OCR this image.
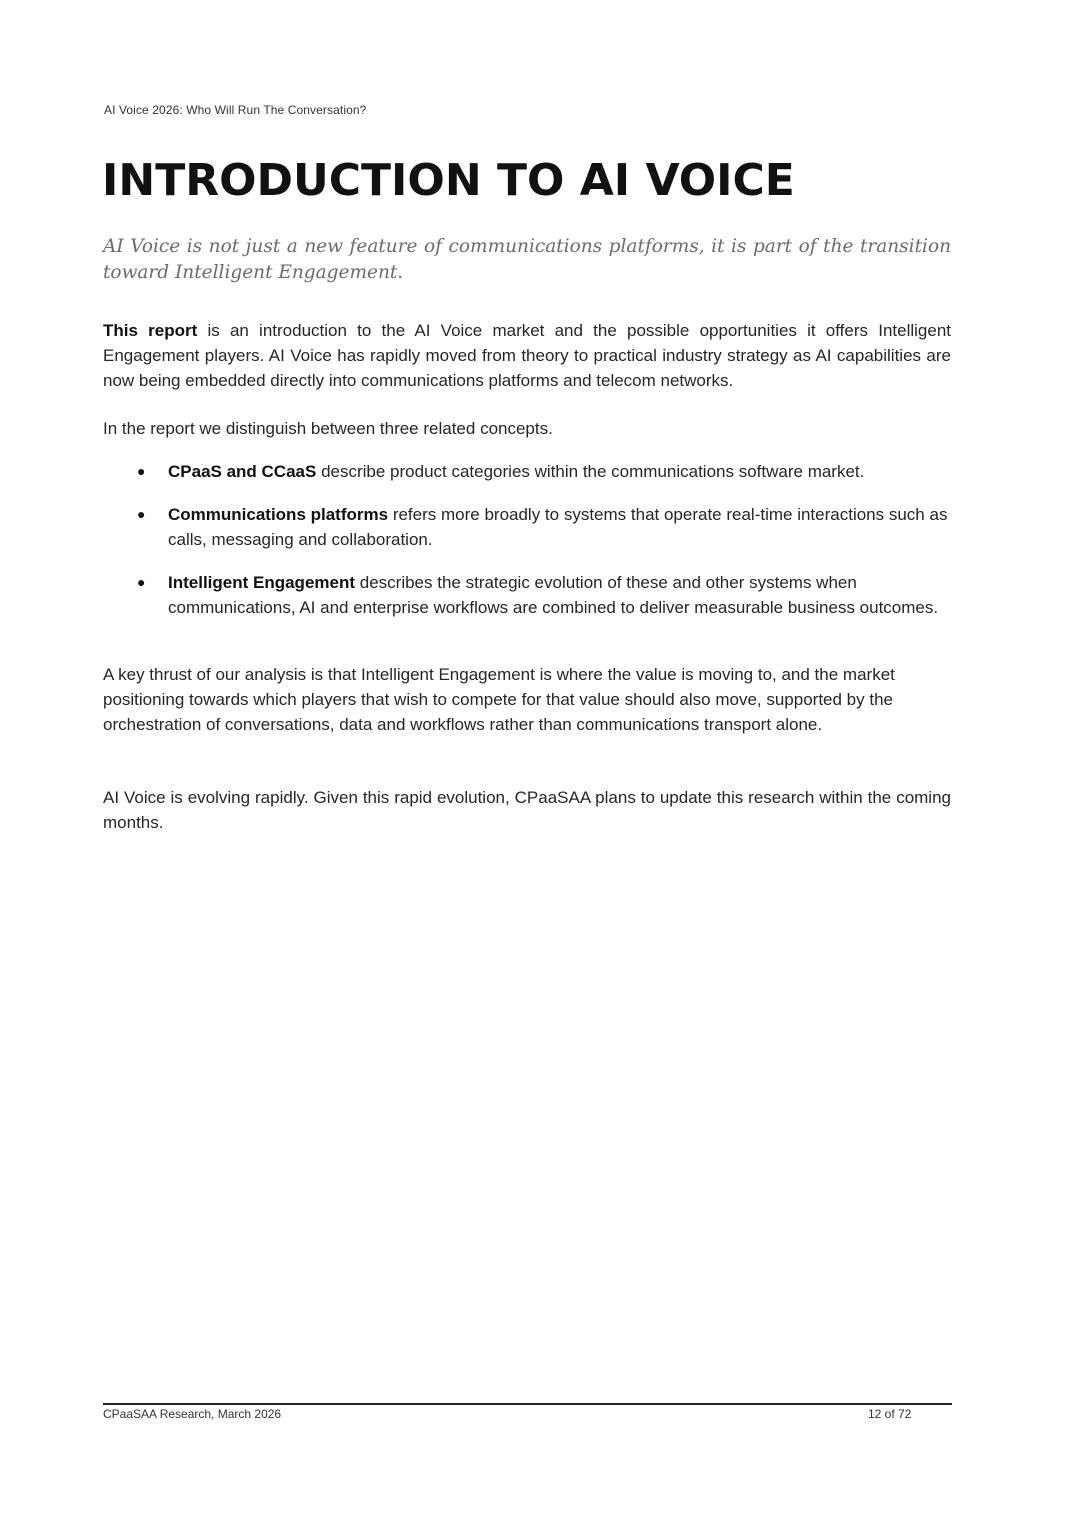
AI Voice 2026: Who Will Run The Conversation?
INTRODUCTION TO AI VOICE

AI Voice is not just a new feature of communications platforms, it is part of the transition toward Intelligent Engagement.

This report is an introduction to the AI Voice market and the possible opportunities it offers Intelligent Engagement players. AI Voice has rapidly moved from theory to practical industry strategy as AI capabilities are now being embedded directly into communications platforms and telecom networks.

In the report we distinguish between three related concepts.

● CPaaS and CCaaS describe product categories within the communications software market.
● Communications platforms refers more broadly to systems that operate real-time interactions such as calls, messaging and collaboration.
● Intelligent Engagement describes the strategic evolution of these and other systems when communications, AI and enterprise workflows are combined to deliver measurable business outcomes.

A key thrust of our analysis is that Intelligent Engagement is where the value is moving to, and the market positioning towards which players that wish to compete for that value should also move, supported by the orchestration of conversations, data and workflows rather than communications transport alone.

AI Voice is evolving rapidly. Given this rapid evolution, CPaaSAA plans to update this research within the coming months.

CPaaSAA Research, March 2026	12 of 72
